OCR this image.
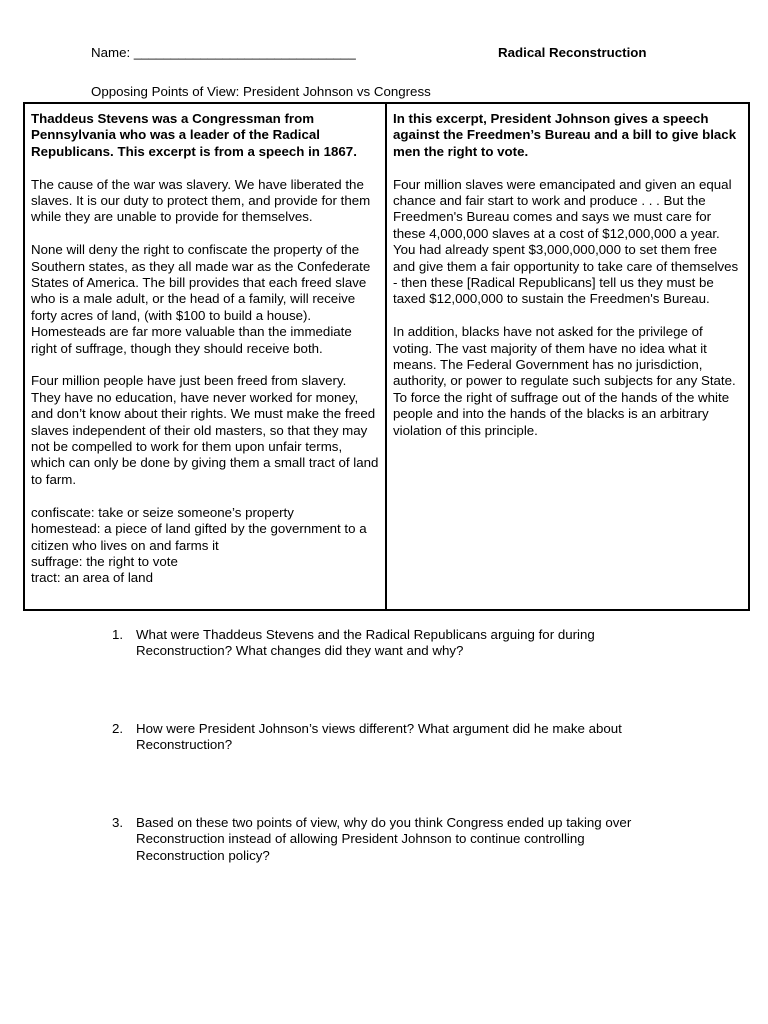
Name: ______________________________	Radical Reconstruction
Opposing Points of View: President Johnson vs Congress

Thaddeus Stevens was a Congressman from Pennsylvania who was a leader of the Radical Republicans. This excerpt is from a speech in 1867.

The cause of the war was slavery. We have liberated the slaves. It is our duty to protect them, and provide for them while they are unable to provide for themselves.

None will deny the right to confiscate the property of the Southern states, as they all made war as the Confederate States of America. The bill provides that each freed slave who is a male adult, or the head of a family, will receive forty acres of land, (with $100 to build a house). Homesteads are far more valuable than the immediate right of suffrage, though they should receive both.

Four million people have just been freed from slavery. They have no education, have never worked for money, and don’t know about their rights. We must make the freed slaves independent of their old masters, so that they may not be compelled to work for them upon unfair terms, which can only be done by giving them a small tract of land to farm.

confiscate: take or seize someone’s property
homestead: a piece of land gifted by the government to a citizen who lives on and farms it
suffrage: the right to vote
tract: an area of land

In this excerpt, President Johnson gives a speech against the Freedmen’s Bureau and a bill to give black men the right to vote.

Four million slaves were emancipated and given an equal chance and fair start to work and produce . . . But the Freedmen's Bureau comes and says we must care for these 4,000,000 slaves at a cost of $12,000,000 a year. You had already spent $3,000,000,000 to set them free and give them a fair opportunity to take care of themselves - then these [Radical Republicans] tell us they must be taxed $12,000,000 to sustain the Freedmen's Bureau.

In addition, blacks have not asked for the privilege of voting. The vast majority of them have no idea what it means. The Federal Government has no jurisdiction, authority, or power to regulate such subjects for any State. To force the right of suffrage out of the hands of the white people and into the hands of the blacks is an arbitrary violation of this principle.

1. What were Thaddeus Stevens and the Radical Republicans arguing for during Reconstruction? What changes did they want and why?
2. How were President Johnson’s views different? What argument did he make about Reconstruction?
3. Based on these two points of view, why do you think Congress ended up taking over Reconstruction instead of allowing President Johnson to continue controlling Reconstruction policy?
